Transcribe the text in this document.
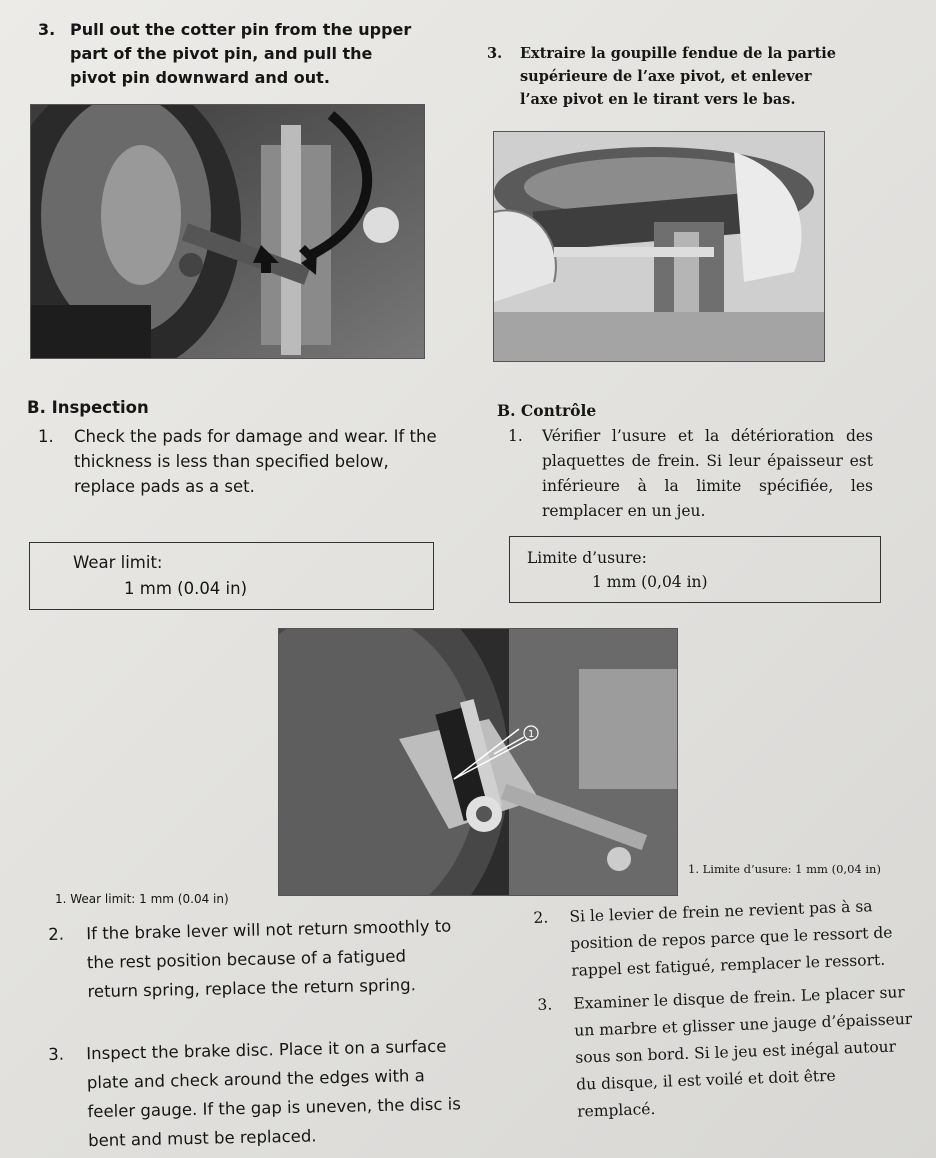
3. Pull out the cotter pin from the upper part of the pivot pin, and pull the pivot pin downward and out.
3.	Extraire la goupille fendue de la partie supérieure de l’axe pivot, et enlever l’axe pivot en le tirant vers le bas.
B. Inspection
1.	Check the pads for damage and wear. If the thickness is less than specified below, replace pads as a set.
Wear limit:
1 mm (0.04 in)
B. Contrôle
1.	Vérifier l’usure et la détérioration des plaquettes de frein. Si leur épaisseur est inférieure à la limite spécifiée, les remplacer en un jeu.
Limite d’usure:
1 mm (0,04 in)
1
1. Wear limit: 1 mm (0.04 in)
1. Limite d’usure: 1 mm (0,04 in)
2.	If the brake lever will not return smoothly to the rest position because of a fatigued return spring, replace the return spring.
3.	Inspect the brake disc. Place it on a surface plate and check around the edges with a feeler gauge. If the gap is uneven, the disc is bent and must be replaced.
2.	Si le levier de frein ne revient pas à sa position de repos parce que le ressort de rappel est fatigué, remplacer le ressort.
3.	Examiner le disque de frein. Le placer sur un marbre et glisser une jauge d’épaisseur sous son bord. Si le jeu est inégal autour du disque, il est voilé et doit être remplacé.
